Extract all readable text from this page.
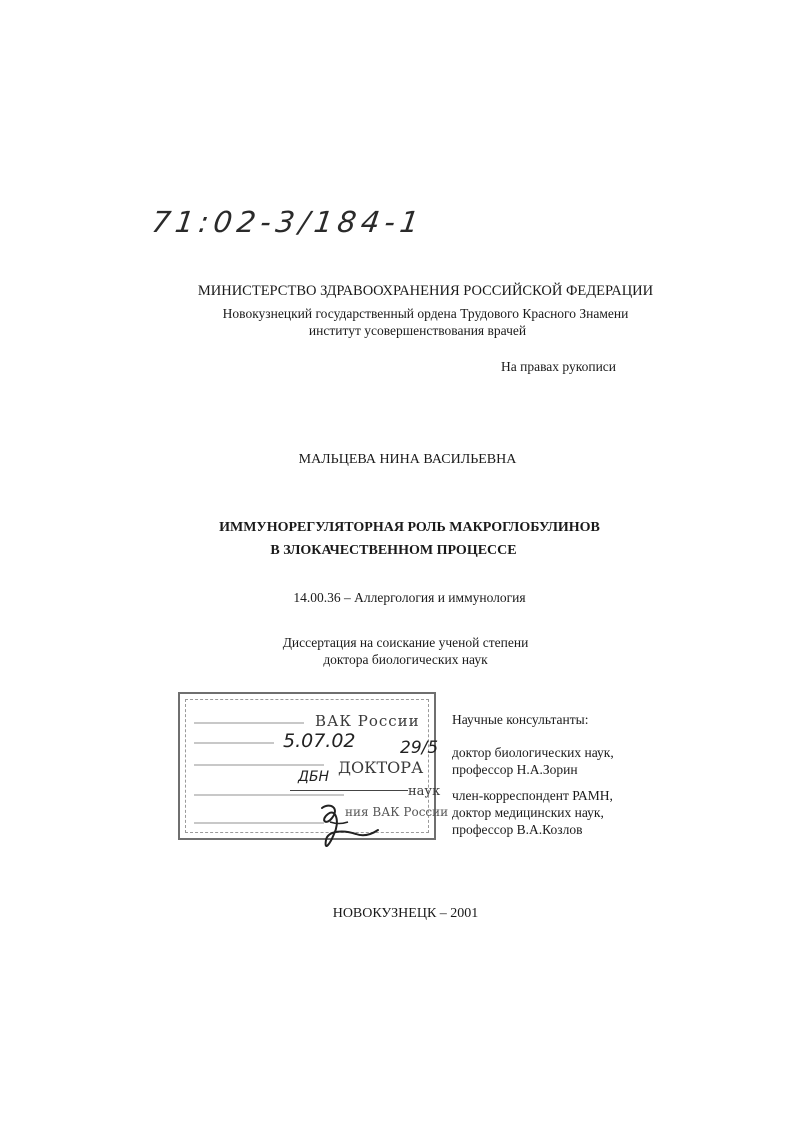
71:02-3/184-1
МИНИСТЕРСТВО ЗДРАВООХРАНЕНИЯ РОССИЙСКОЙ ФЕДЕРАЦИИ
Новокузнецкий государственный ордена Трудового Красного Знамени
институт усовершенствования врачей
На правах рукописи
МАЛЬЦЕВА НИНА ВАСИЛЬЕВНА
ИММУНОРЕГУЛЯТОРНАЯ РОЛЬ МАКРОГЛОБУЛИНОВ
В ЗЛОКАЧЕСТВЕННОМ ПРОЦЕССЕ
14.00.36 – Аллергология и иммунология
Диссертация на соискание ученой степени
доктора биологических наук
ВАК России
5.07.02	29/5
ДОКТОРА
ДБН
наук
ния ВАК России
Научные консультанты:
доктор биологических наук,
профессор Н.А.Зорин
член-корреспондент РАМН,
доктор медицинских наук,
профессор В.А.Козлов
НОВОКУЗНЕЦК – 2001
